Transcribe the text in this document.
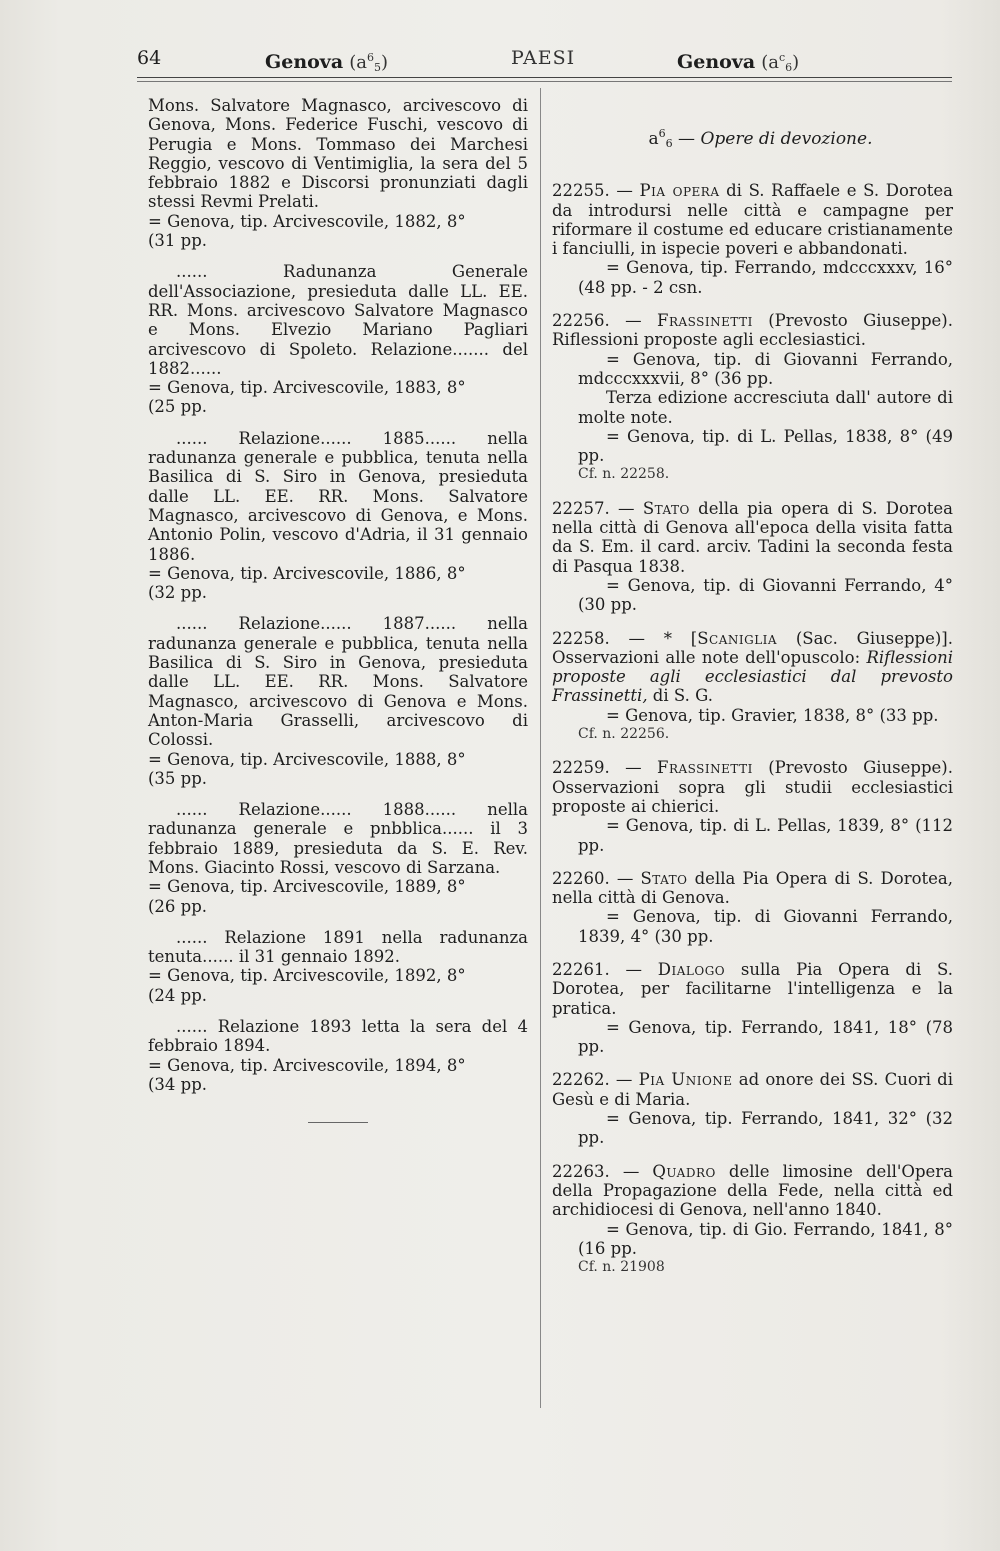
64	Genova $(a^6_5)$	PAESI	Genova $(a^c_6)$

Mons. Salvatore Magnasco, arcivescovo di Genova, Mons. Federice Fuschi, vescovo di Perugia e Mons. Tommaso dei Marchesi Reggio, vescovo di Ventimiglia, la sera del 5 febbraio 1882 e Discorsi pronunziati dagli stessi Revmi Prelati.

= Genova, tip. Arcivescovile, 1882, 8°

(31 pp.

...... Radunanza Generale dell'Associazione, presieduta dalle LL. EE. RR. Mons. arcivescovo Salvatore Magnasco e Mons. Elvezio Mariano Pagliari arcivescovo di Spoleto. Relazione....... del 1882......

= Genova, tip. Arcivescovile, 1883, 8°

(25 pp.

...... Relazione...... 1885...... nella radunanza generale e pubblica, tenuta nella Basilica di S. Siro in Genova, presieduta dalle LL. EE. RR. Mons. Salvatore Magnasco, arcivescovo di Genova, e Mons. Antonio Polin, vescovo d'Adria, il 31 gennaio 1886.

= Genova, tip. Arcivescovile, 1886, 8°

(32 pp.

...... Relazione...... 1887...... nella radunanza generale e pubblica, tenuta nella Basilica di S. Siro in Genova, presieduta dalle LL. EE. RR. Mons. Salvatore Magnasco, arcivescovo di Genova e Mons. Anton-Maria Grasselli, arcivescovo di Colossi.

= Genova, tip. Arcivescovile, 1888, 8°

(35 pp.

...... Relazione...... 1888...... nella radunanza generale e pnbblica...... il 3 febbraio 1889, presieduta da S. E. Rev. Mons. Giacinto Rossi, vescovo di Sarzana.

= Genova, tip. Arcivescovile, 1889, 8°

(26 pp.

...... Relazione 1891 nella radunanza tenuta...... il 31 gennaio 1892.

= Genova, tip. Arcivescovile, 1892, 8°

(24 pp.

...... Relazione 1893 letta la sera del 4 febbraio 1894.

= Genova, tip. Arcivescovile, 1894, 8°

(34 pp.

$a^6_6$ — Opere di devozione.

22255. — Pia opera di S. Raffaele e S. Dorotea da introdursi nelle città e campagne per riformare il costume ed educare cristianamente i fanciulli, in ispecie poveri e abbandonati.

= Genova, tip. Ferrando, mdcccxxxv, 16° (48 pp. - 2 csn.

22256. — Frassinetti (Prevosto Giuseppe). Riflessioni proposte agli ecclesiastici.

= Genova, tip. di Giovanni Ferrando, mdcccxxxvii, 8° (36 pp.

Terza edizione accresciuta dall' autore di molte note.

= Genova, tip. di L. Pellas, 1838, 8° (49 pp.

Cf. n. 22258.

22257. — Stato della pia opera di S. Dorotea nella città di Genova all'epoca della visita fatta da S. Em. il card. arciv. Tadini la seconda festa di Pasqua 1838.

= Genova, tip. di Giovanni Ferrando, 4° (30 pp.

22258. — * [Scaniglia (Sac. Giuseppe)]. Osservazioni alle note dell'opuscolo: Riflessioni proposte agli ecclesiastici dal prevosto Frassinetti, di S. G.

= Genova, tip. Gravier, 1838, 8° (33 pp.

Cf. n. 22256.

22259. — Frassinetti (Prevosto Giuseppe). Osservazioni sopra gli studii ecclesiastici proposte ai chierici.

= Genova, tip. di L. Pellas, 1839, 8° (112 pp.

22260. — Stato della Pia Opera di S. Dorotea, nella città di Genova.

= Genova, tip. di Giovanni Ferrando, 1839, 4° (30 pp.

22261. — Dialogo sulla Pia Opera di S. Dorotea, per facilitarne l'intelligenza e la pratica.

= Genova, tip. Ferrando, 1841, 18° (78 pp.

22262. — Pia Unione ad onore dei SS. Cuori di Gesù e di Maria.

= Genova, tip. Ferrando, 1841, 32° (32 pp.

22263. — Quadro delle limosine dell'Opera della Propagazione della Fede, nella città ed archidiocesi di Genova, nell'anno 1840.

= Genova, tip. di Gio. Ferrando, 1841, 8° (16 pp.

Cf. n. 21908
